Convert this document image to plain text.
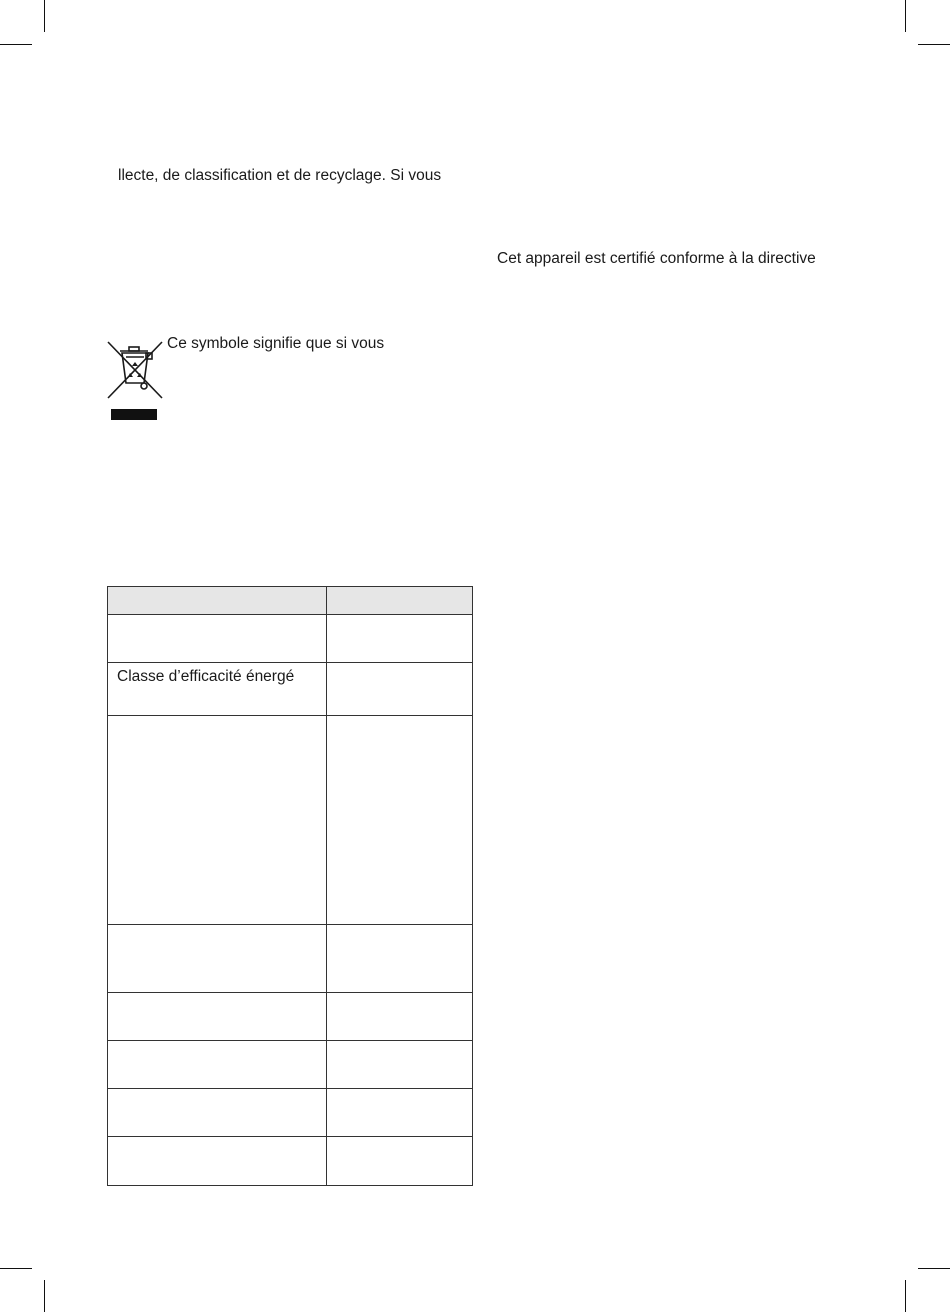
llecte, de classification et de recyclage. Si vous
Cet appareil est certifié conforme à la directive
Ce symbole signifie que si vous

Classe d’efficacité énergé	
